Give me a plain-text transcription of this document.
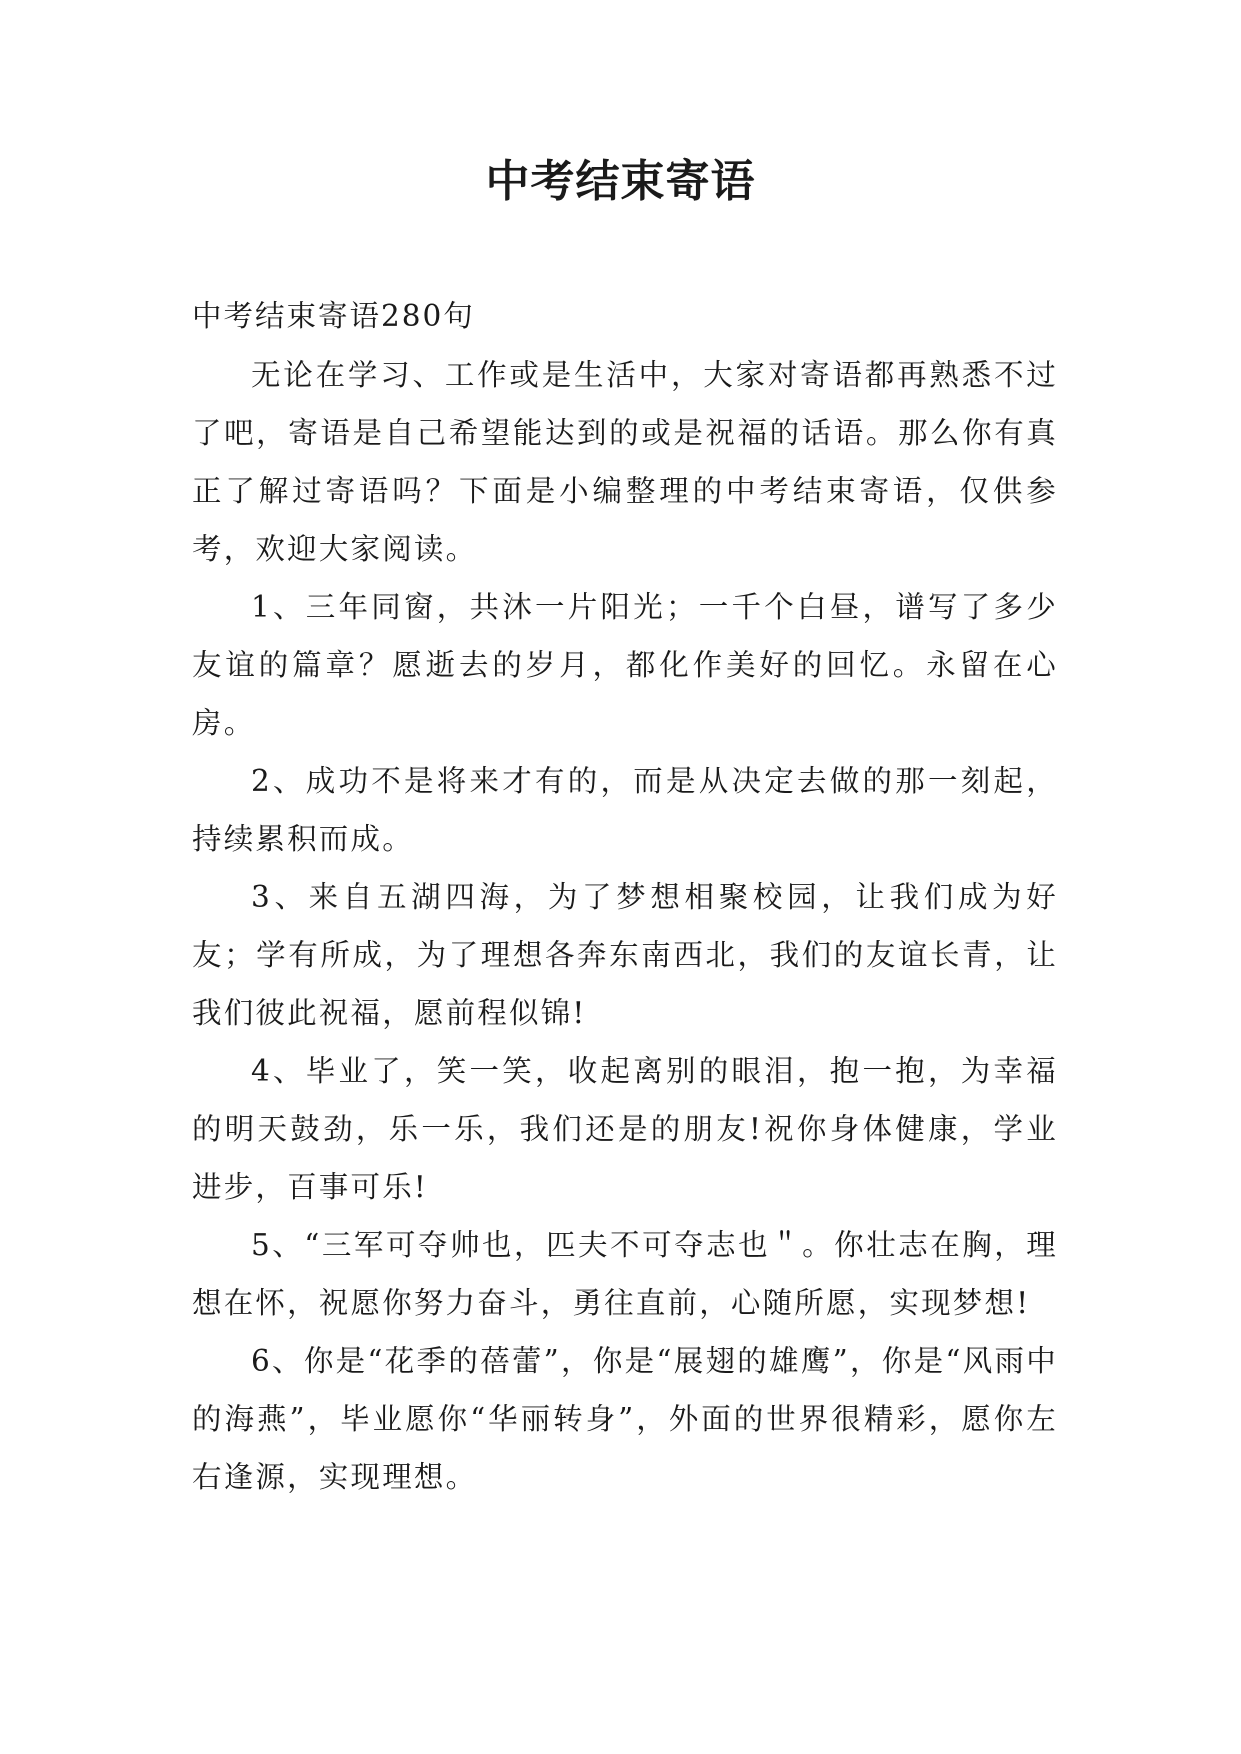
中考结束寄语

中考结束寄语280句

无论在学习、工作或是生活中，大家对寄语都再熟悉不过了吧，寄语是自己希望能达到的或是祝福的话语。那么你有真正了解过寄语吗？下面是小编整理的中考结束寄语，仅供参考，欢迎大家阅读。

1、三年同窗，共沐一片阳光；一千个白昼，谱写了多少友谊的篇章？愿逝去的岁月，都化作美好的回忆。永留在心房。

2、成功不是将来才有的，而是从决定去做的那一刻起，持续累积而成。

3、来自五湖四海，为了梦想相聚校园，让我们成为好友；学有所成，为了理想各奔东南西北，我们的友谊长青，让我们彼此祝福，愿前程似锦!

4、毕业了，笑一笑，收起离别的眼泪，抱一抱，为幸福的明天鼓劲，乐一乐，我们还是的朋友!祝你身体健康，学业进步，百事可乐!

5、“三军可夺帅也，匹夫不可夺志也＂。你壮志在胸，理想在怀，祝愿你努力奋斗，勇往直前，心随所愿，实现梦想!

6、你是“花季的蓓蕾”，你是“展翅的雄鹰”，你是“风雨中的海燕”，毕业愿你“华丽转身”，外面的世界很精彩，愿你左右逢源，实现理想。
